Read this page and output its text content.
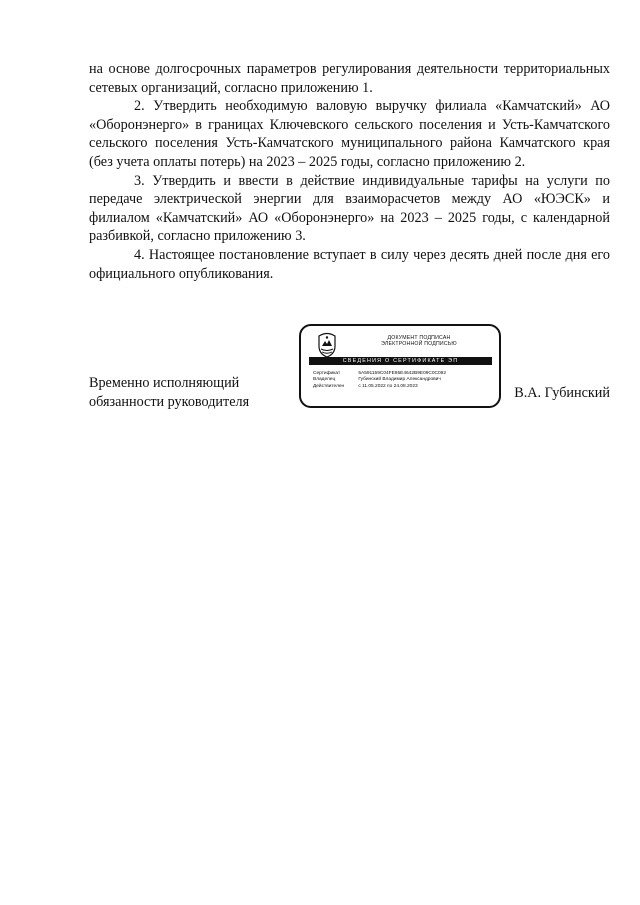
на основе долгосрочных параметров регулирования деятельности территориальных сетевых организаций, согласно приложению 1.

2. Утвердить необходимую валовую выручку филиала «Камчатский» АО «Оборонэнерго» в границах Ключевского сельского поселения и Усть-Камчатского сельского поселения Усть-Камчатского муниципального района Камчатского края (без учета оплаты потерь) на 2023 – 2025 годы, согласно приложению 2.

3. Утвердить и ввести в действие индивидуальные тарифы на услуги по передаче электрической энергии для взаиморасчетов между АО «ЮЭСК» и филиалом «Камчатский» АО «Оборонэнерго» на 2023 – 2025 годы, с календарной разбивкой, согласно приложению 3.

4. Настоящее постановление вступает в силу через десять дней после дня его официального опубликования.

Временно исполняющий
обязанности руководителя
ДОКУМЕНТ ПОДПИСАН
ЭЛЕКТРОННОЙ ПОДПИСЬЮ
СВЕДЕНИЯ О СЕРТИФИКАТЕ ЭП
Сертификат	5A591159C04FE95E4642B9E09C0C092
Владелец	Губинский Владимир Александрович
Действителен	с 11.05.2022 по 24.08.2023	В.А. Губинский
